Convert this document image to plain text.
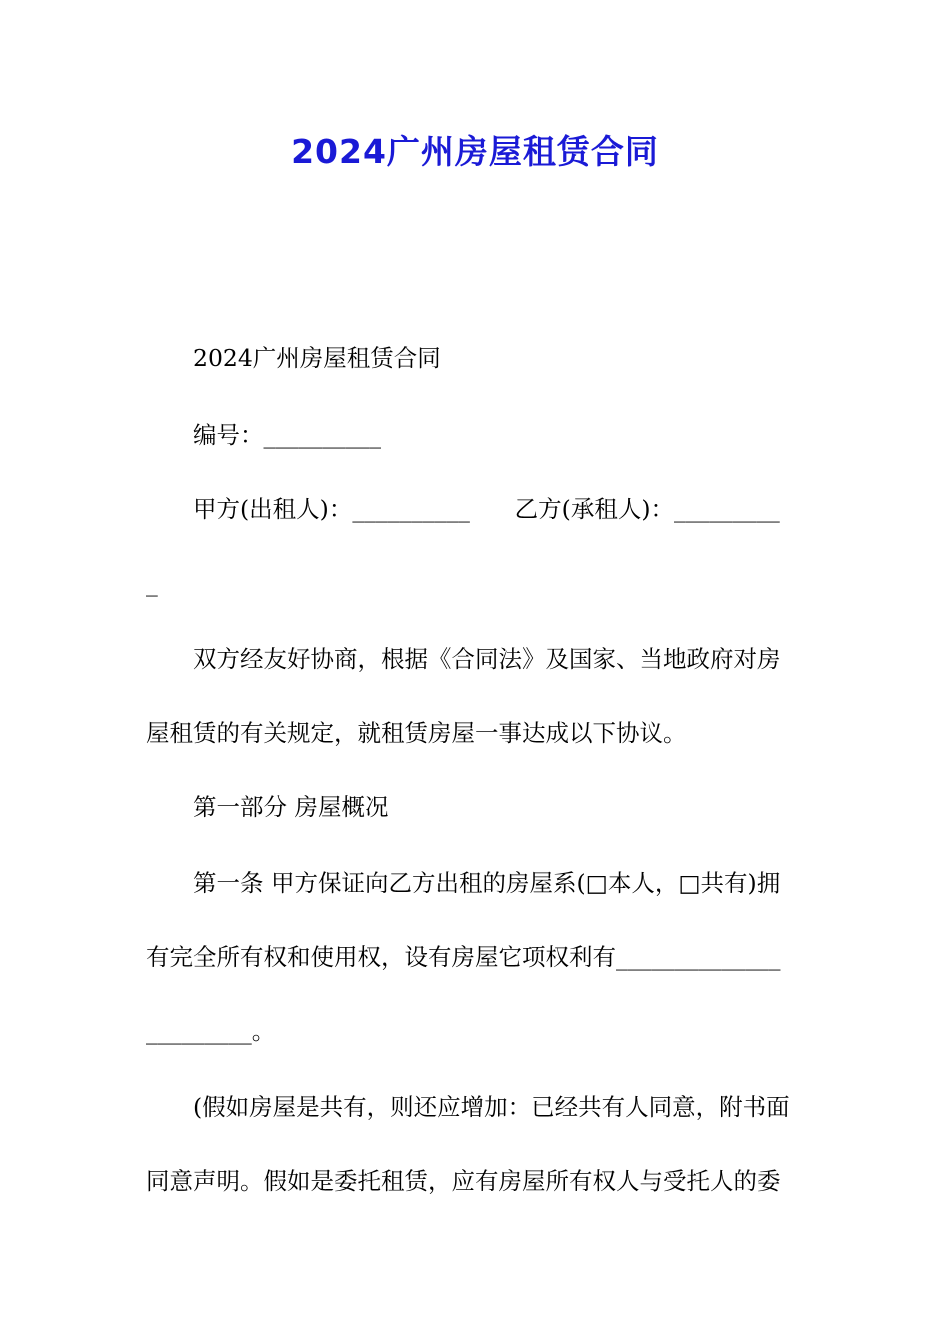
2024广州房屋租赁合同

2024广州房屋租赁合同

编号：__________

甲方(出租人)：__________      乙方(承租人)：_________

_

双方经友好协商，根据《合同法》及国家、当地政府对房

屋租赁的有关规定，就租赁房屋一事达成以下协议。

第一部分 房屋概况

第一条 甲方保证向乙方出租的房屋系(□本人，□共有)拥

有完全所有权和使用权，设有房屋它项权利有______________

_________。

(假如房屋是共有，则还应增加：已经共有人同意，附书面

同意声明。假如是委托租赁，应有房屋所有权人与受托人的委
